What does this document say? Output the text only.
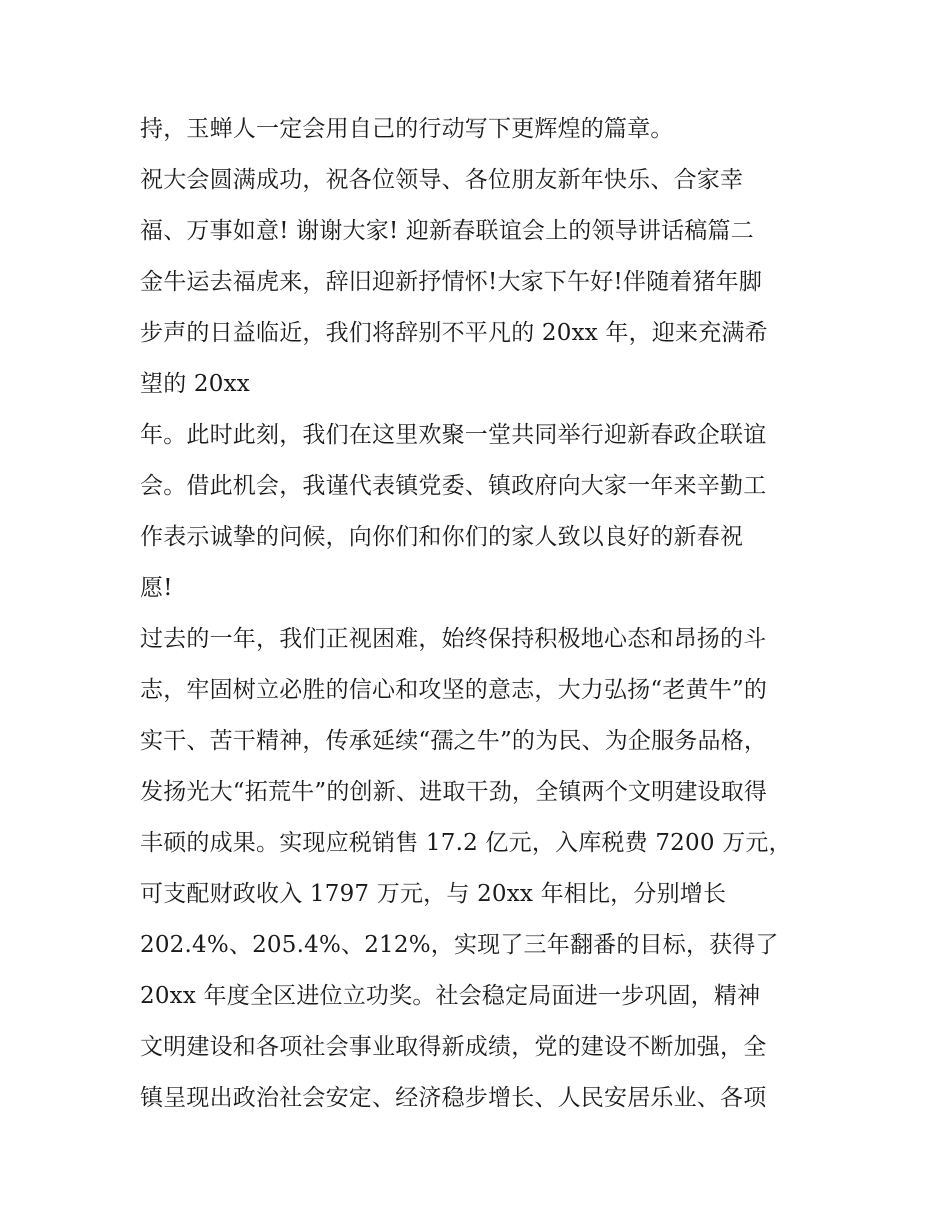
持，玉蝉人一定会用自己的行动写下更辉煌的篇章。
祝大会圆满成功，祝各位领导、各位朋友新年快乐、合家幸
福、万事如意! 谢谢大家! 迎新春联谊会上的领导讲话稿篇二
金牛运去福虎来，辞旧迎新抒情怀!大家下午好!伴随着猪年脚
步声的日益临近，我们将辞别不平凡的 20xx 年，迎来充满希
望的 20xx
年。此时此刻，我们在这里欢聚一堂共同举行迎新春政企联谊
会。借此机会，我谨代表镇党委、镇政府向大家一年来辛勤工
作表示诚挚的问候，向你们和你们的家人致以良好的新春祝
愿!
过去的一年，我们正视困难，始终保持积极地心态和昂扬的斗
志，牢固树立必胜的信心和攻坚的意志，大力弘扬“老黄牛”的
实干、苦干精神，传承延续“孺之牛”的为民、为企服务品格，
发扬光大“拓荒牛”的创新、进取干劲，全镇两个文明建设取得
丰硕的成果。实现应税销售 17.2 亿元，入库税费 7200 万元，
可支配财政收入 1797 万元，与 20xx 年相比，分别增长
202.4%、205.4%、212%，实现了三年翻番的目标，获得了
20xx 年度全区进位立功奖。社会稳定局面进一步巩固，精神
文明建设和各项社会事业取得新成绩，党的建设不断加强，全
镇呈现出政治社会安定、经济稳步增长、人民安居乐业、各项
